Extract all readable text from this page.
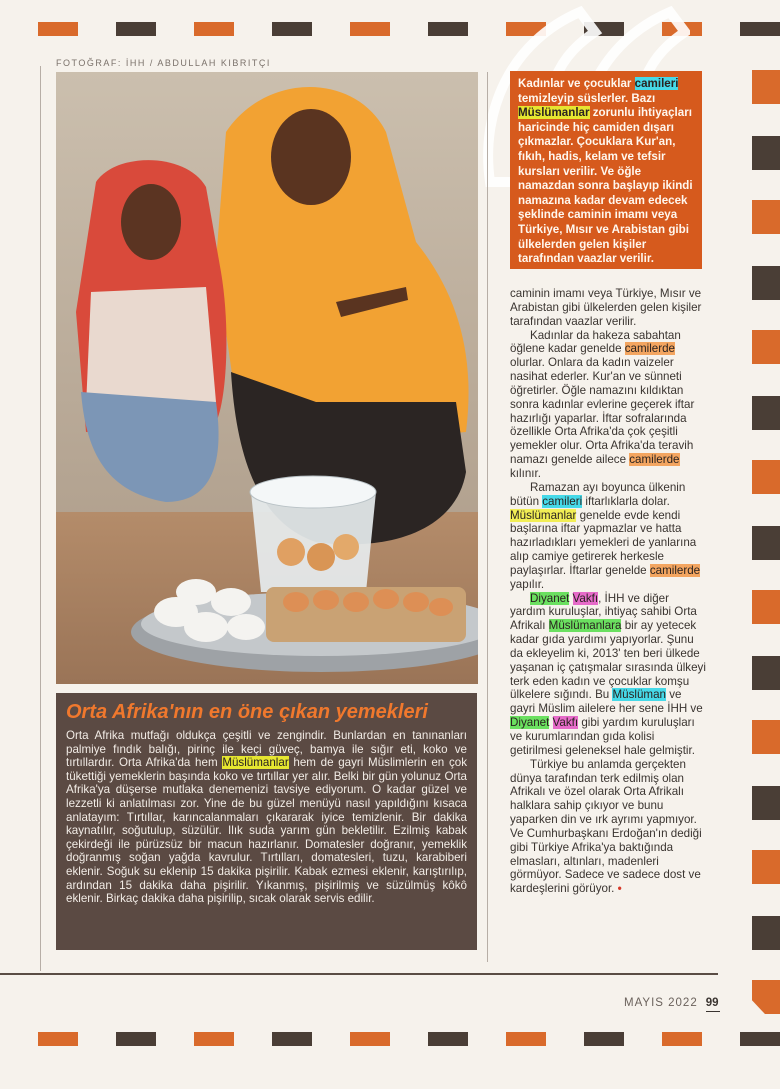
FOTOĞRAF: İHH / ABDULLAH KIBRITÇI
Kadınlar ve çocuklar camileri temizleyip süslerler. Bazı Müslümanlar zorunlu ihtiyaçları haricinde hiç camiden dışarı çıkmazlar. Çocuklara Kur'an, fıkıh, hadis, kelam ve tefsir kursları verilir. Ve öğle namazdan sonra başlayıp ikindi namazına kadar devam edecek şeklinde caminin imamı veya Türkiye, Mısır ve Arabistan gibi ülkelerden gelen kişiler tarafından vaazlar verilir.

caminin imamı veya Türkiye, Mısır ve Arabistan gibi ülkelerden gelen kişiler tarafından vaazlar verilir.

Kadınlar da hakeza sabahtan öğlene kadar genelde camilerde olurlar. Onlara da kadın vaizeler nasihat ederler. Kur'an ve sünneti öğretirler. Öğle namazını kıldıktan sonra kadınlar evlerine geçerek iftar hazırlığı yaparlar. İftar sofralarında özellikle Orta Afrika'da çok çeşitli yemekler olur. Orta Afrika'da teravih namazı genelde ailece camilerde kılınır.

Ramazan ayı boyunca ülkenin bütün camileri iftarlıklarla dolar. Müslümanlar genelde evde kendi başlarına iftar yapmazlar ve hatta hazırladıkları yemekleri de yanlarına alıp camiye getirerek herkesle paylaşırlar. İftarlar genelde camilerde yapılır.

Diyanet Vakfı, İHH ve diğer yardım kuruluşlar, ihtiyaç sahibi Orta Afrikalı Müslümanlara bir ay yetecek kadar gıda yardımı yapıyorlar. Şunu da ekleyelim ki, 2013' ten beri ülkede yaşanan iç çatışmalar sırasında ülkeyi terk eden kadın ve çocuklar komşu ülkelere sığındı. Bu Müslüman ve gayri Müslim ailelere her sene İHH ve Diyanet Vakfı gibi yardım kuruluşları ve kurumlarından gıda kolisi getirilmesi geleneksel hale gelmiştir.

Türkiye bu anlamda gerçekten dünya tarafından terk edilmiş olan Afrikalı ve özel olarak Orta Afrikalı halklara sahip çıkıyor ve bunu yaparken din ve ırk ayrımı yapmıyor. Ve Cumhurbaşkanı Erdoğan'ın dediği gibi Türkiye Afrika'ya baktığında elmasları, altınları, madenleri görmüyor. Sadece ve sadece dost ve kardeşlerini görüyor. •

Orta Afrika'nın en öne çıkan yemekleri
Orta Afrika mutfağı oldukça çeşitli ve zengindir. Bunlardan en tanınanları palmiye fındık balığı, pirinç ile keçi güveç, bamya ile sığır eti, koko ve tırtıllardır. Orta Afrika'da hem Müslümanlar hem de gayri Müslimlerin en çok tükettiği yemeklerin başında koko ve tırtıllar yer alır. Belki bir gün yolunuz Orta Afrika'ya düşerse mutlaka denemenizi tavsiye ediyorum. O kadar güzel ve lezzetli ki anlatılması zor. Yine de bu güzel menüyü nasıl yapıldığını kısaca anlatayım: Tırtıllar, karıncalanmaları çıkararak iyice temizlenir. Bir dakika kaynatılır, soğutulup, süzülür. Ilık suda yarım gün bekletilir. Ezilmiş kabak çekirdeği ile pürüzsüz bir macun hazırlanır. Domatesler doğranır, yemeklik doğranmış soğan yağda kavrulur. Tırtılları, domatesleri, tuzu, karabiberi eklenir. Soğuk su eklenip 15 dakika pişirilir. Kabak ezmesi eklenir, karıştırılıp, ardından 15 dakika daha pişirilir. Yıkanmış, pişirilmiş ve süzülmüş kôkô eklenir. Birkaç dakika daha pişirilip, sıcak olarak servis edilir.
MAYIS 2022 99
